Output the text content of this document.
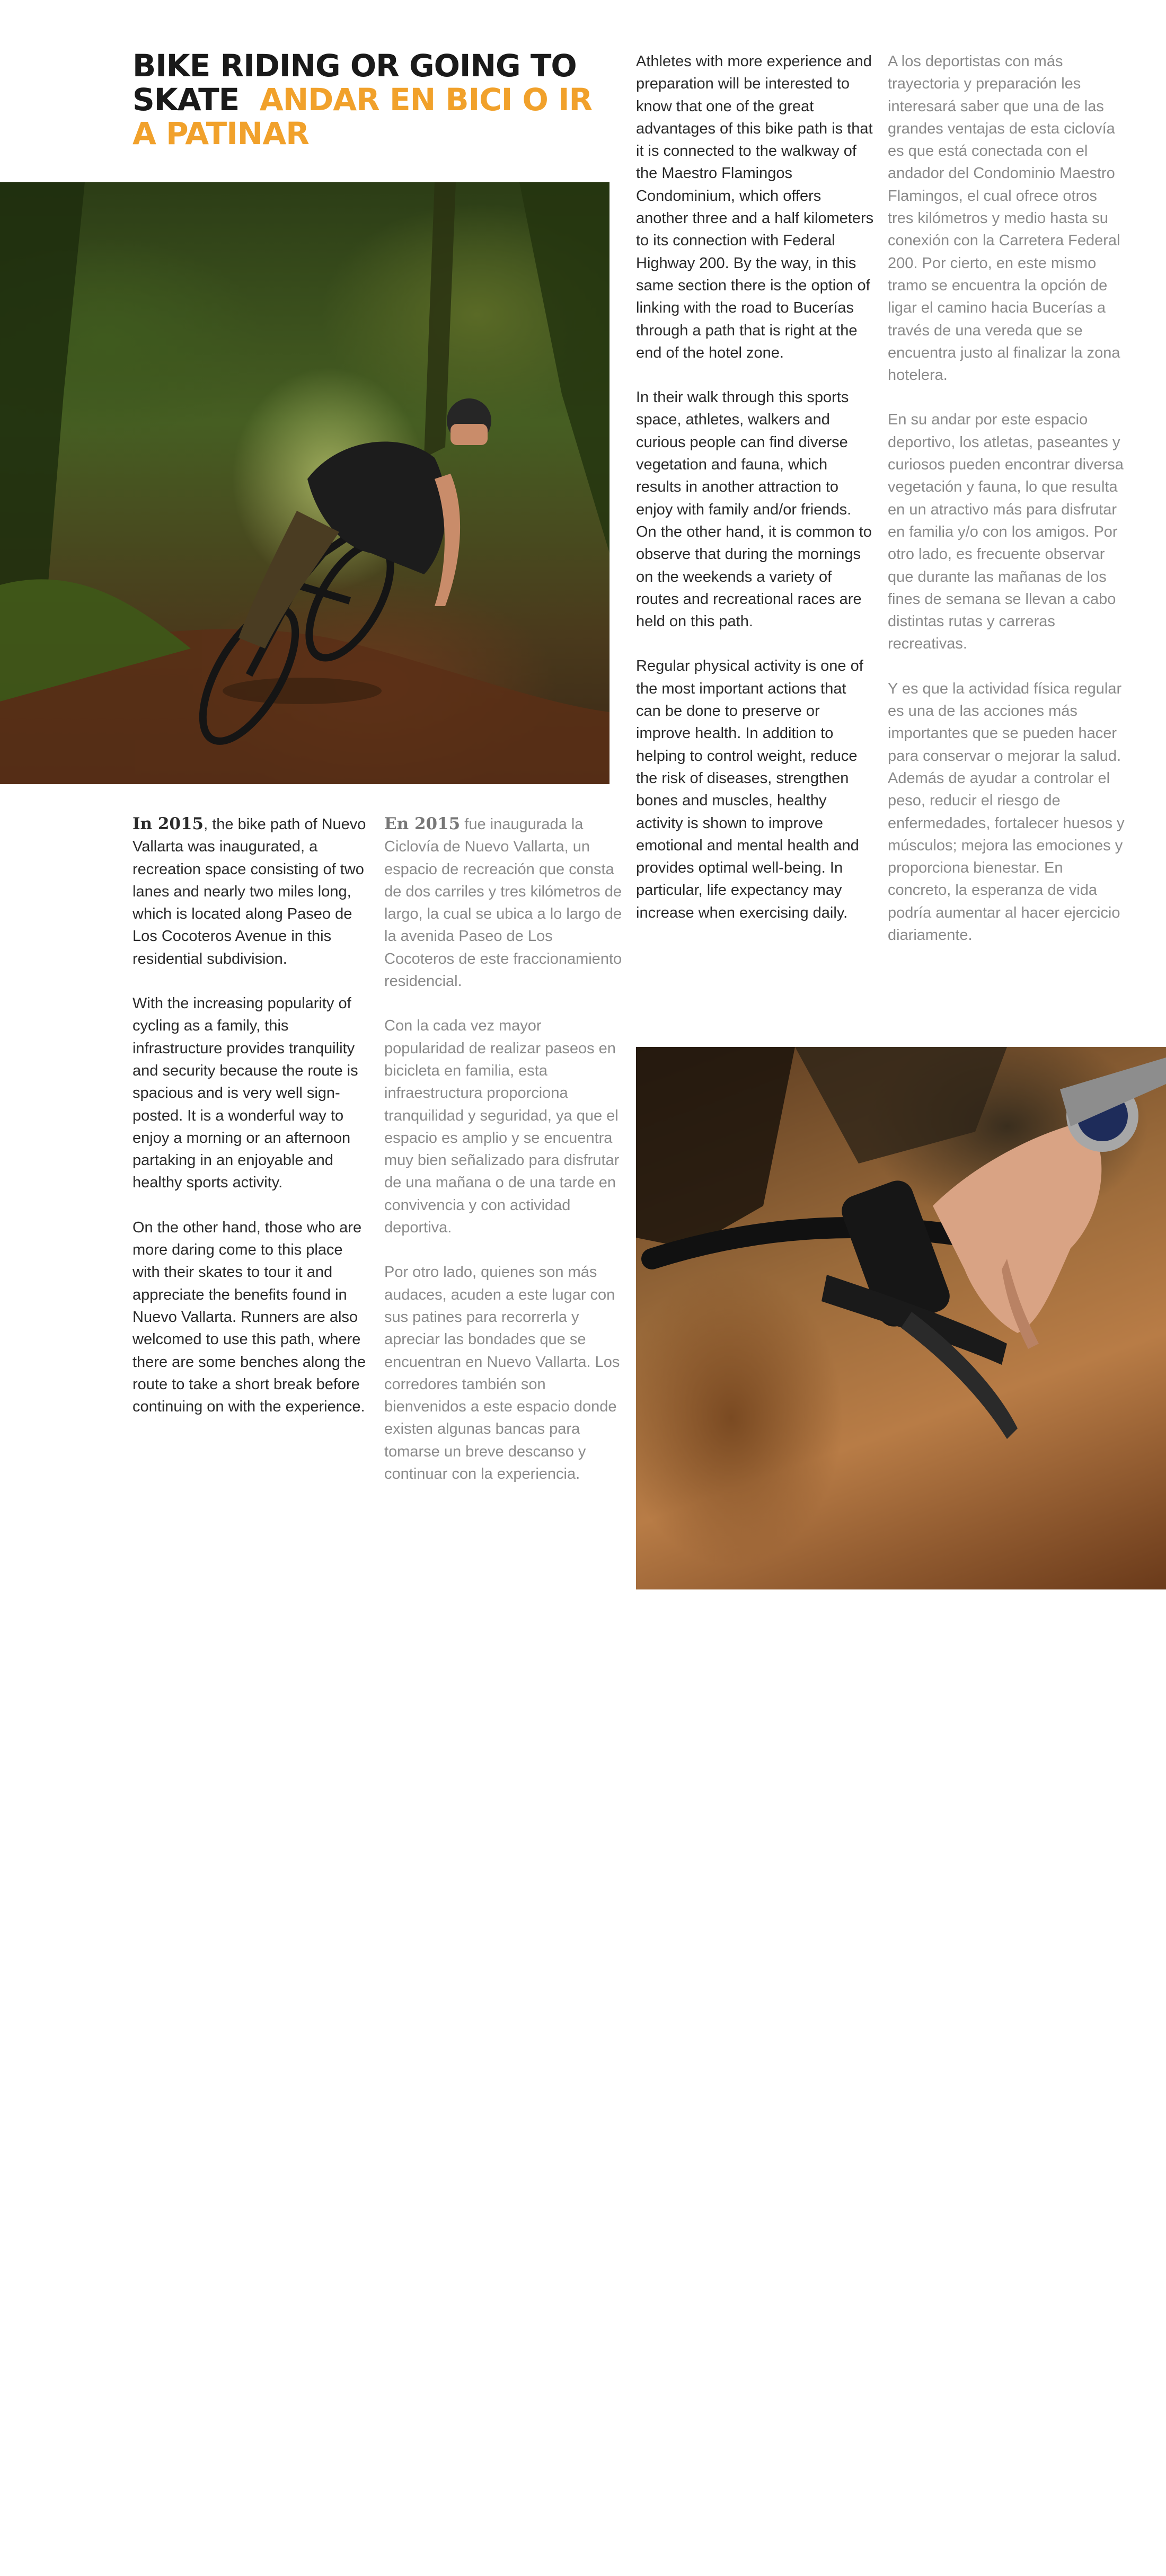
BIKE RIDING OR GOING TO SKATE ANDAR EN BICI O IR A PATINAR

In 2015, the bike path of Nuevo Vallarta was inaugurated, a recreation space consisting of two lanes and nearly two miles long, which is located along Paseo de Los Cocoteros Avenue in this residential subdivision.

With the increasing popularity of cycling as a family, this infrastructure provides tranquility and security because the route is spacious and is very well sign-posted. It is a wonderful way to enjoy a morning or an afternoon partaking in an enjoyable and healthy sports activity.

On the other hand, those who are more daring come to this place with their skates to tour it and appreciate the benefits found in Nuevo Vallarta. Runners are also welcomed to use this path, where there are some benches along the route to take a short break before continuing on with the experience.

En 2015 fue inaugurada la Ciclovía de Nuevo Vallarta, un espacio de recreación que consta de dos carriles y tres kilómetros de largo, la cual se ubica a lo largo de la avenida Paseo de Los Cocoteros de este fraccionamiento residencial.

Con la cada vez mayor popularidad de realizar paseos en bicicleta en familia, esta infraestructura proporciona tranquilidad y seguridad, ya que el espacio es amplio y se encuentra muy bien señalizado para disfrutar de una mañana o de una tarde en convivencia y con actividad deportiva.

Por otro lado, quienes son más audaces, acuden a este lugar con sus patines para recorrerla y apreciar las bondades que se encuentran en Nuevo Vallarta. Los corredores también son bienvenidos a este espacio donde existen algunas bancas para tomarse un breve descanso y continuar con la experiencia.

Athletes with more experience and preparation will be interested to know that one of the great advantages of this bike path is that it is connected to the walkway of the Maestro Flamingos Condominium, which offers another three and a half kilometers to its connection with Federal Highway 200. By the way, in this same section there is the option of linking with the road to Bucerías through a path that is right at the end of the hotel zone.

In their walk through this sports space, athletes, walkers and curious people can find diverse vegetation and fauna, which results in another attraction to enjoy with family and/or friends. On the other hand, it is common to observe that during the mornings on the weekends a variety of routes and recreational races are held on this path.

Regular physical activity is one of the most important actions that can be done to preserve or improve health. In addition to helping to control weight, reduce the risk of diseases, strengthen bones and muscles, healthy activity is shown to improve emotional and mental health and provides optimal well-being. In particular, life expectancy may increase when exercising daily.

A los deportistas con más trayectoria y preparación les interesará saber que una de las grandes ventajas de esta ciclovía es que está conectada con el andador del Condominio Maestro Flamingos, el cual ofrece otros tres kilómetros y medio hasta su conexión con la Carretera Federal 200. Por cierto, en este mismo tramo se encuentra la opción de ligar el camino hacia Bucerías a través de una vereda que se encuentra justo al finalizar la zona hotelera.

En su andar por este espacio deportivo, los atletas, paseantes y curiosos pueden encontrar diversa vegetación y fauna, lo que resulta en un atractivo más para disfrutar en familia y/o con los amigos. Por otro lado, es frecuente observar que durante las mañanas de los fines de semana se llevan a cabo distintas rutas y carreras recreativas.

Y es que la actividad física regular es una de las acciones más importantes que se pueden hacer para conservar o mejorar la salud. Además de ayudar a controlar el peso, reducir el riesgo de enfermedades, fortalecer huesos y músculos; mejora las emociones y proporciona bienestar. En concreto, la esperanza de vida podría aumentar al hacer ejercicio diariamente.

vallartalifestyles.com | JULY - SEPTEMBER 2022 | 49
